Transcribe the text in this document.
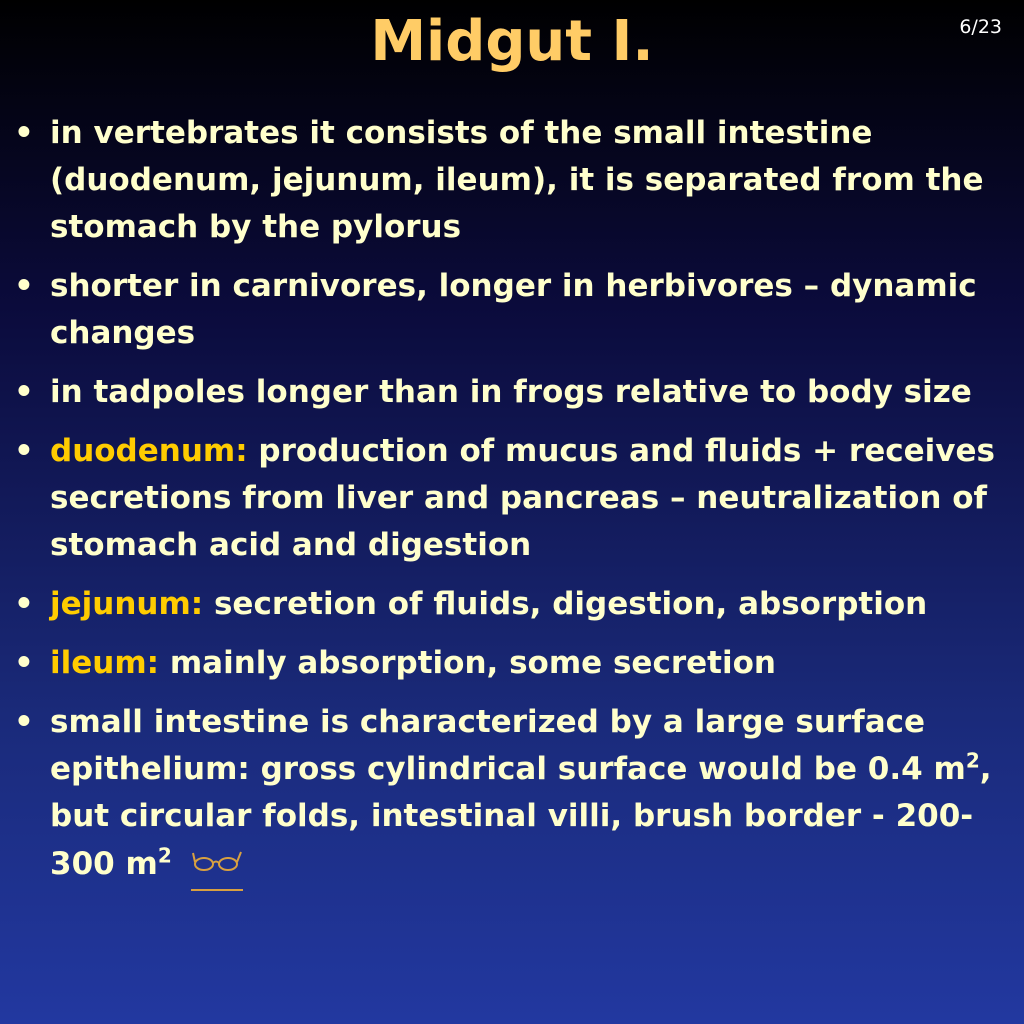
Midgut I.	6/23
• in vertebrates it consists of the small intestine (duodenum, jejunum, ileum), it is separated from the stomach by the pylorus
• shorter in carnivores, longer in herbivores – dynamic changes
• in tadpoles longer than in frogs relative to body size
• duodenum: production of mucus and fluids + receives secretions from liver and pancreas – neutralization of stomach acid and digestion
• jejunum: secretion of fluids, digestion, absorption
• ileum: mainly absorption, some secretion
• small intestine is characterized by a large surface epithelium: gross cylindrical surface would be 0.4 $m^2$, but circular folds, intestinal villi, brush border - 200-300 $m^2$
